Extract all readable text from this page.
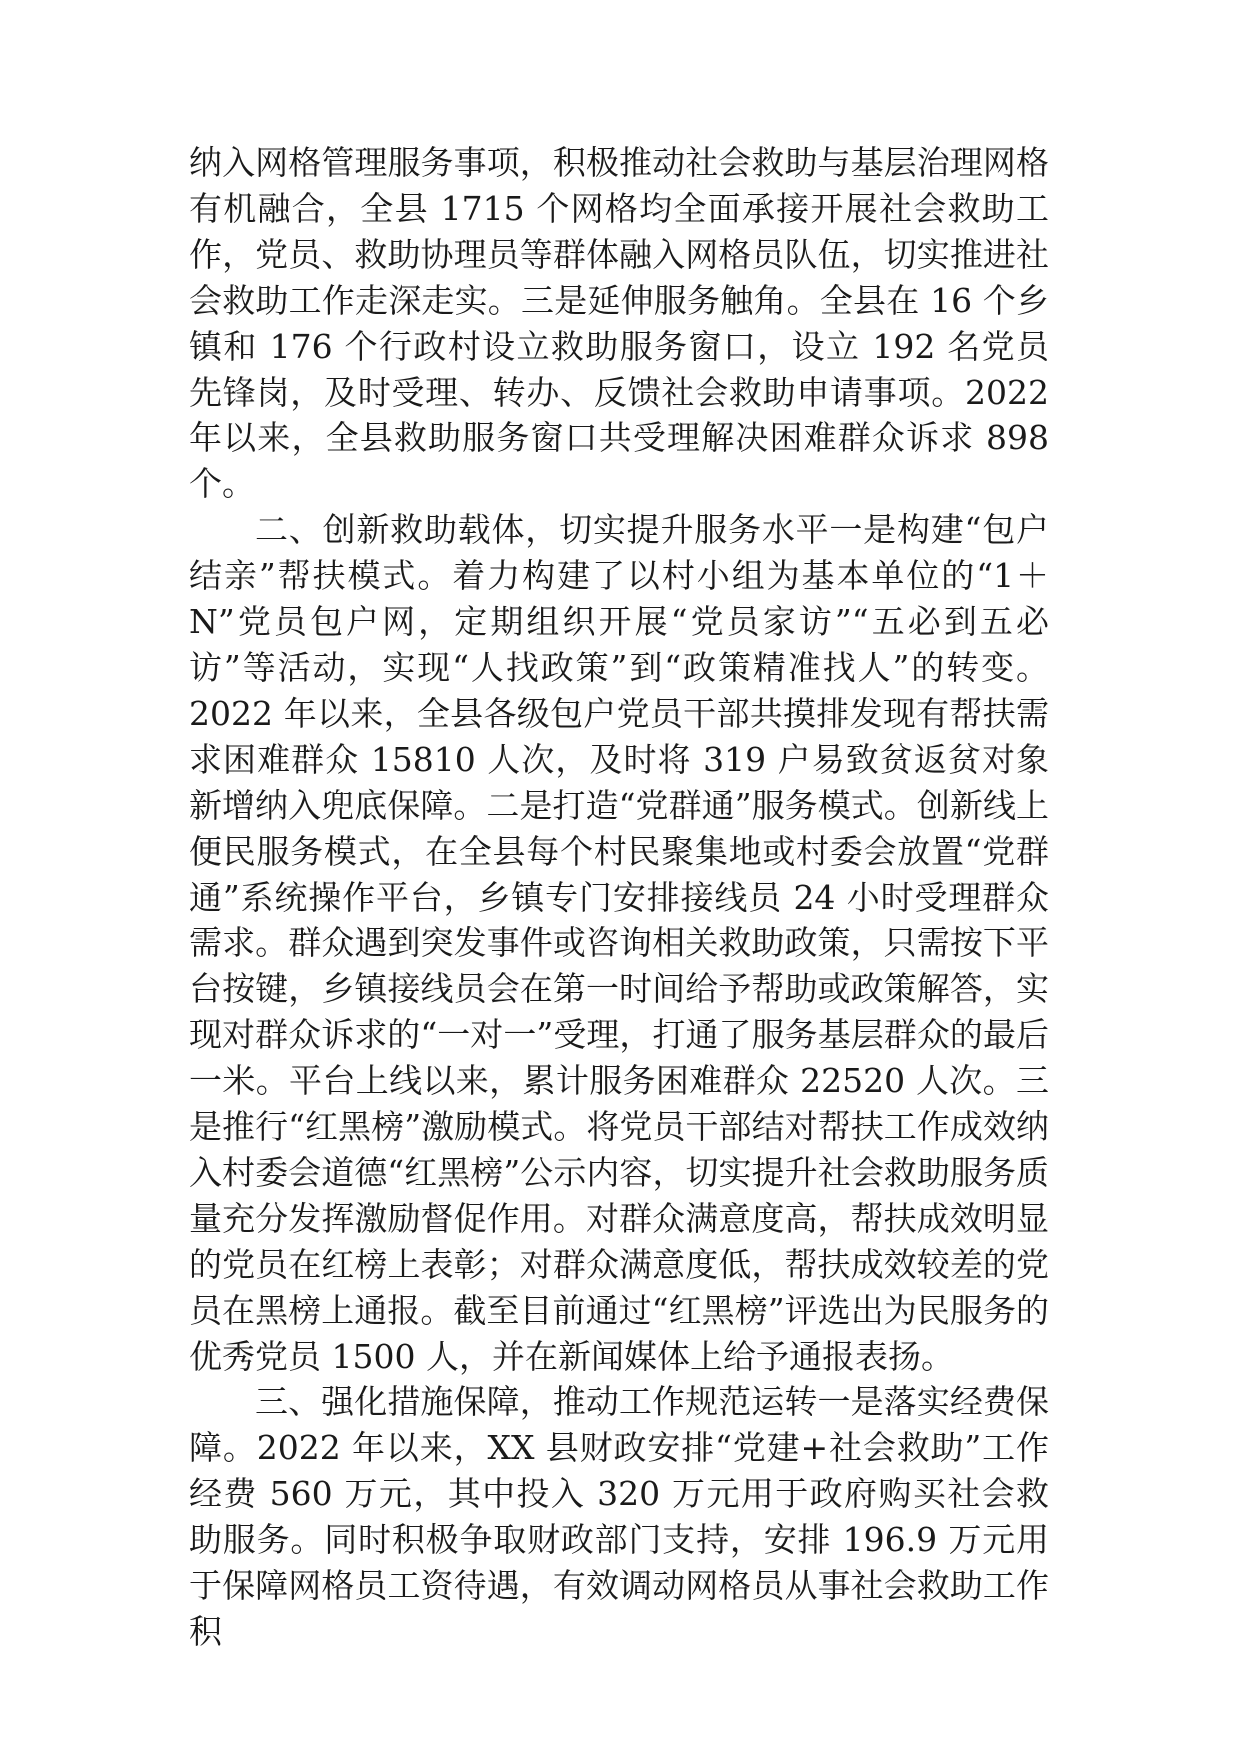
纳入网格管理服务事项，积极推动社会救助与基层治理网格有机融合，全县 1715 个网格均全面承接开展社会救助工作，党员、救助协理员等群体融入网格员队伍，切实推进社会救助工作走深走实。三是延伸服务触角。全县在 16 个乡镇和 176 个行政村设立救助服务窗口，设立 192 名党员先锋岗，及时受理、转办、反馈社会救助申请事项。2022 年以来，全县救助服务窗口共受理解决困难群众诉求 898 个。

二、创新救助载体，切实提升服务水平一是构建“包户结亲”帮扶模式。着力构建了以村小组为基本单位的“1＋N”党员包户网，定期组织开展“党员家访”“五必到五必访”等活动，实现“人找政策”到“政策精准找人”的转变。2022 年以来，全县各级包户党员干部共摸排发现有帮扶需求困难群众 15810 人次，及时将 319 户易致贫返贫对象新增纳入兜底保障。二是打造“党群通”服务模式。创新线上便民服务模式，在全县每个村民聚集地或村委会放置“党群通”系统操作平台，乡镇专门安排接线员 24 小时受理群众需求。群众遇到突发事件或咨询相关救助政策，只需按下平台按键，乡镇接线员会在第一时间给予帮助或政策解答，实现对群众诉求的“一对一”受理，打通了服务基层群众的最后一米。平台上线以来，累计服务困难群众 22520 人次。三是推行“红黑榜”激励模式。将党员干部结对帮扶工作成效纳入村委会道德“红黑榜”公示内容，切实提升社会救助服务质量充分发挥激励督促作用。对群众满意度高，帮扶成效明显的党员在红榜上表彰；对群众满意度低，帮扶成效较差的党员在黑榜上通报。截至目前通过“红黑榜”评选出为民服务的优秀党员 1500 人，并在新闻媒体上给予通报表扬。

三、强化措施保障，推动工作规范运转一是落实经费保障。2022 年以来，XX 县财政安排“党建+社会救助”工作经费 560 万元，其中投入 320 万元用于政府购买社会救助服务。同时积极争取财政部门支持，安排 196.9 万元用于保障网格员工资待遇，有效调动网格员从事社会救助工作积
